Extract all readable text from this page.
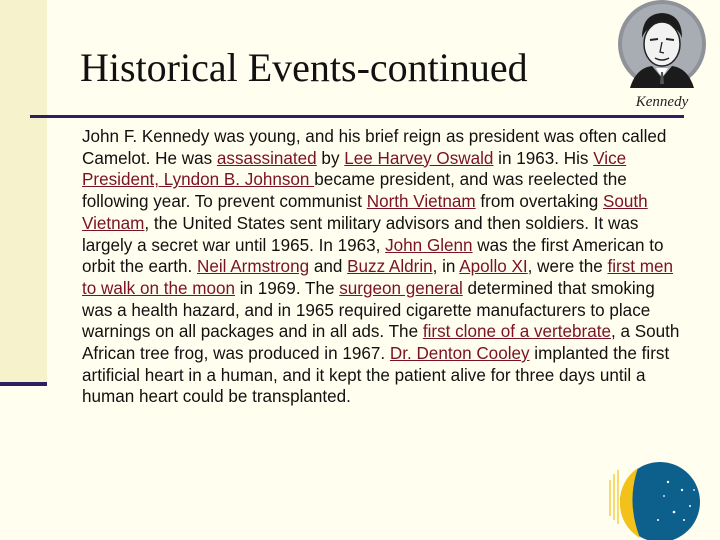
Historical Events-continued
Kennedy

John F. Kennedy was young, and his brief reign as president was often called Camelot. He was assassinated by Lee Harvey Oswald in 1963. His Vice President, Lyndon B. Johnson became president, and was reelected the following year. To prevent communist North Vietnam from overtaking South Vietnam, the United States sent military advisors and then soldiers. It was largely a secret war until 1965. In 1963, John Glenn was the first American to orbit the earth. Neil Armstrong and Buzz Aldrin, in Apollo XI, were the first men to walk on the moon in 1969. The surgeon general determined that smoking was a health hazard, and in 1965 required cigarette manufacturers to place warnings on all packages and in all ads. The first clone of a vertebrate, a South African tree frog, was produced in 1967. Dr. Denton Cooley implanted the first artificial heart in a human, and it kept the patient alive for three days until a human heart could be transplanted.
